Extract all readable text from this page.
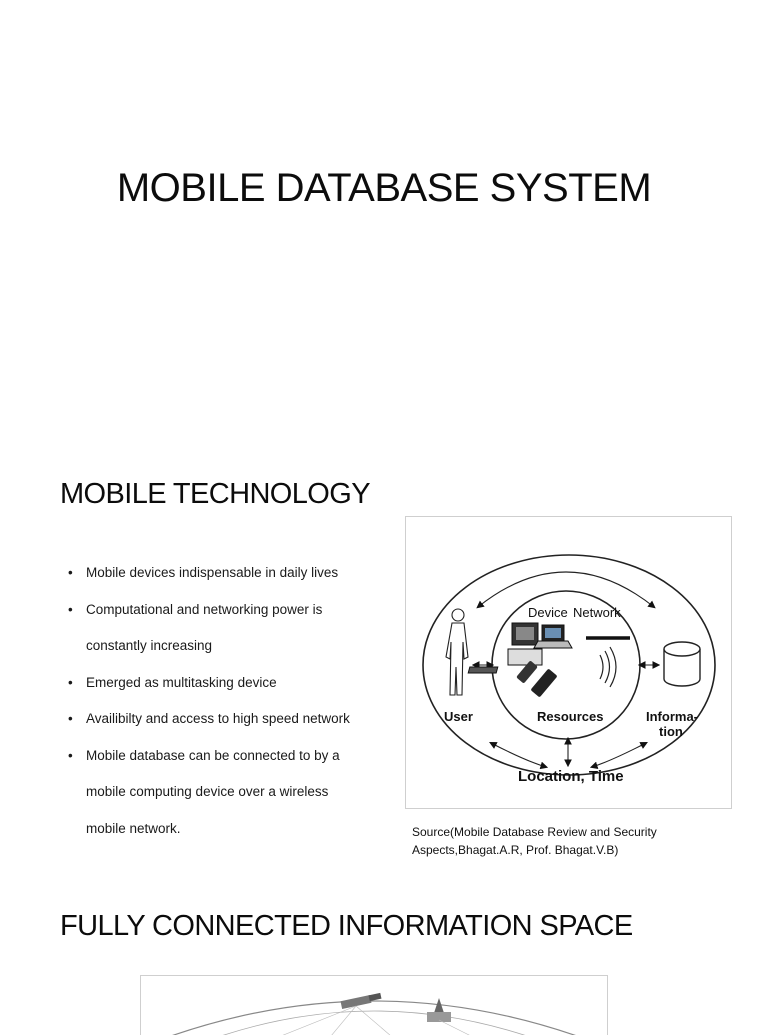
MOBILE DATABASE SYSTEM
MOBILE TECHNOLOGY
• Mobile devices indispensable in daily lives
• Computational and networking power is
constantly increasing
• Emerged as multitasking device
• Availibilty and access to high speed network
• Mobile database can be connected to by a
mobile computing device over a wireless
mobile network.
Device Network
User	Resources	Informa-
tion
Location, Time
Source(Mobile Database Review and Security
Aspects,Bhagat.A.R, Prof. Bhagat.V.B)
FULLY CONNECTED INFORMATION SPACE
